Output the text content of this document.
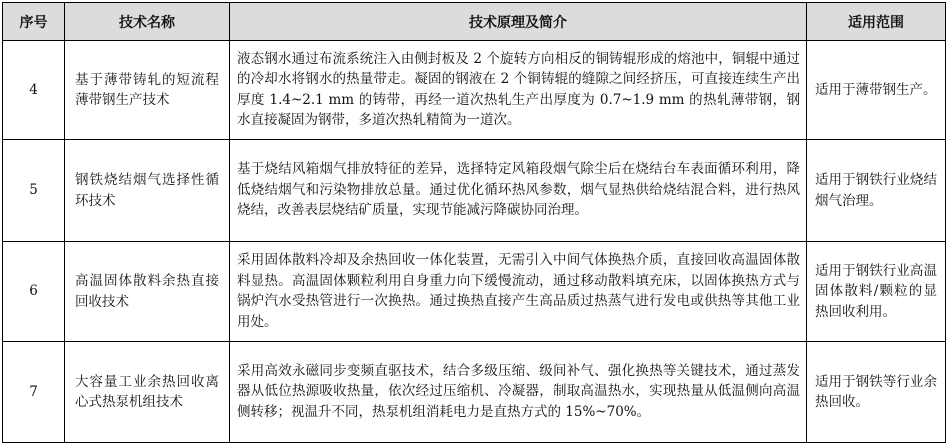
序号	技术名称	技术原理及简介	适用范围
4	基于薄带铸轧的短流程薄带钢生产技术	液态钢水通过布流系统注入由侧封板及 2 个旋转方向相反的铜铸辊形成的熔池中，铜辊中通过的冷却水将钢水的热量带走。凝固的钢液在 2 个铜铸辊的缝隙之间经挤压，可直接连续生产出厚度 1.4~2.1 mm 的铸带，再经一道次热轧生产出厚度为 0.7~1.9 mm 的热轧薄带钢，钢水直接凝固为钢带，多道次热轧精简为一道次。	适用于薄带钢生产。
5	钢铁烧结烟气选择性循环技术	基于烧结风箱烟气排放特征的差异，选择特定风箱段烟气除尘后在烧结台车表面循环利用，降低烧结烟气和污染物排放总量。通过优化循环热风参数，烟气显热供给烧结混合料，进行热风烧结，改善表层烧结矿质量，实现节能减污降碳协同治理。	适用于钢铁行业烧结烟气治理。
6	高温固体散料余热直接回收技术	采用固体散料冷却及余热回收一体化装置，无需引入中间气体换热介质，直接回收高温固体散料显热。高温固体颗粒利用自身重力向下缓慢流动，通过移动散料填充床，以固体换热方式与锅炉汽水受热管进行一次换热。通过换热直接产生高品质过热蒸气进行发电或供热等其他工业用处。	适用于钢铁行业高温固体散料/颗粒的显热回收利用。
7	大容量工业余热回收离心式热泵机组技术	采用高效永磁同步变频直驱技术，结合多级压缩、级间补气、强化换热等关键技术，通过蒸发器从低位热源吸收热量，依次经过压缩机、冷凝器，制取高温热水，实现热量从低温侧向高温侧转移；视温升不同，热泵机组消耗电力是直热方式的 15%~70%。	适用于钢铁等行业余热回收。
